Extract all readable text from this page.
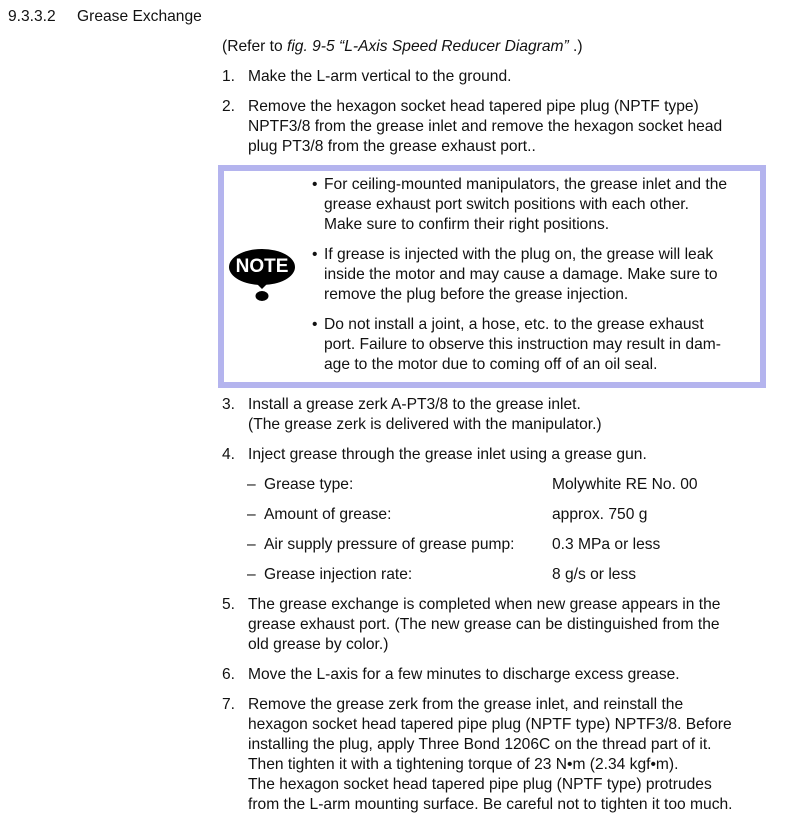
9.3.3.2 Grease Exchange
(Refer to fig. 9-5 “L-Axis Speed Reducer Diagram” .)
1. Make the L-arm vertical to the ground.
2. Remove the hexagon socket head tapered pipe plug (NPTF type)
NPTF3/8 from the grease inlet and remove the hexagon socket head
plug PT3/8 from the grease exhaust port..
NOTE
• For ceiling-mounted manipulators, the grease inlet and the
grease exhaust port switch positions with each other.
Make sure to confirm their right positions.
• If grease is injected with the plug on, the grease will leak
inside the motor and may cause a damage. Make sure to
remove the plug before the grease injection.
• Do not install a joint, a hose, etc. to the grease exhaust
port. Failure to observe this instruction may result in dam-
age to the motor due to coming off of an oil seal.
3. Install a grease zerk A-PT3/8 to the grease inlet.
(The grease zerk is delivered with the manipulator.)
4. Inject grease through the grease inlet using a grease gun.
– Grease type:	Molywhite RE No. 00
– Amount of grease:	approx. 750 g
– Air supply pressure of grease pump: 0.3 MPa or less
– Grease injection rate:	8 g/s or less
5. The grease exchange is completed when new grease appears in the
grease exhaust port. (The new grease can be distinguished from the
old grease by color.)
6. Move the L-axis for a few minutes to discharge excess grease.
7. Remove the grease zerk from the grease inlet, and reinstall the
hexagon socket head tapered pipe plug (NPTF type) NPTF3/8. Before
installing the plug, apply Three Bond 1206C on the thread part of it.
Then tighten it with a tightening torque of 23 N•m (2.34 kgf•m).
The hexagon socket head tapered pipe plug (NPTF type) protrudes
from the L-arm mounting surface. Be careful not to tighten it too much.
